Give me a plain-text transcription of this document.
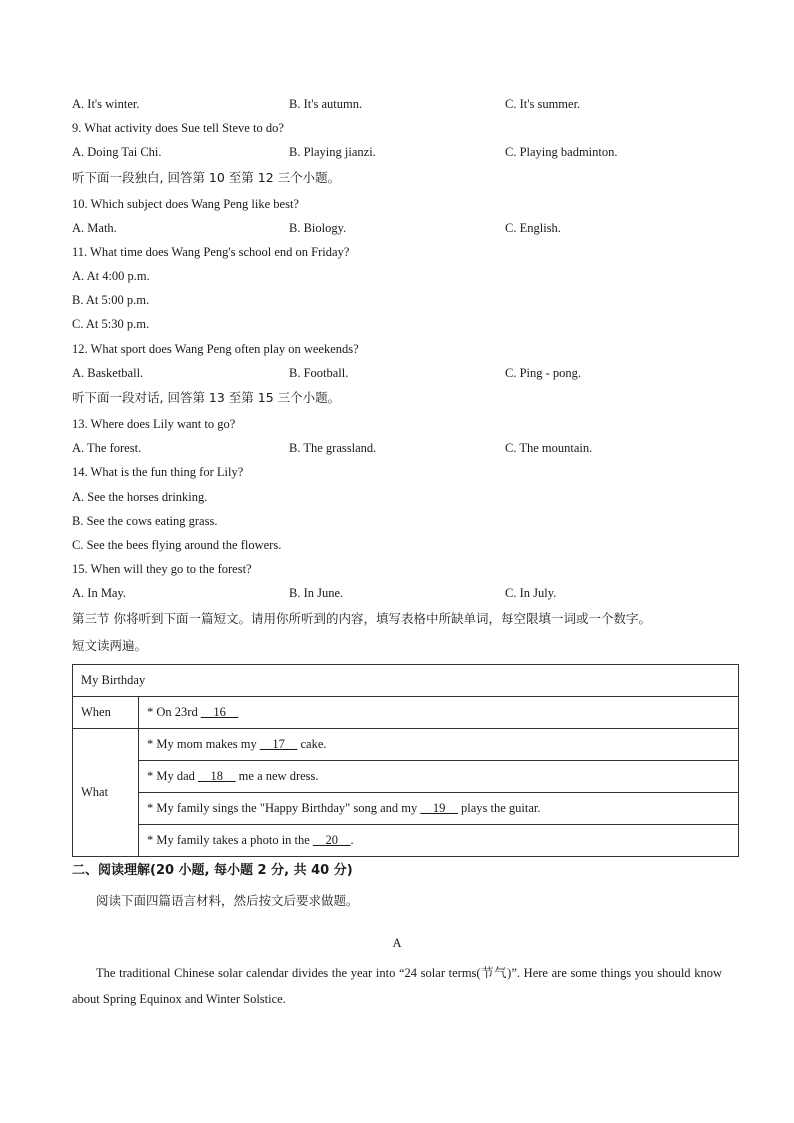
A. It's winter.	B. It's autumn.	C. It's summer.
9. What activity does Sue tell Steve to do?
A. Doing Tai Chi.	B. Playing jianzi.	C. Playing badminton.
听下面一段独白, 回答第 10 至第 12 三个小题。
10. Which subject does Wang Peng like best?
A. Math.	B. Biology.	C. English.
11. What time does Wang Peng's school end on Friday?
A. At 4:00 p.m.
B. At 5:00 p.m.
C. At 5:30 p.m.
12. What sport does Wang Peng often play on weekends?
A. Basketball.	B. Football.	C. Ping - pong.
听下面一段对话, 回答第 13 至第 15 三个小题。
13. Where does Lily want to go?
A. The forest.	B. The grassland.	C. The mountain.
14. What is the fun thing for Lily?
A. See the horses drinking.
B. See the cows eating grass.
C. See the bees flying around the flowers.
15. When will they go to the forest?
A. In May.	B. In June.	C. In July.
第三节 你将听到下面一篇短文。请用你所听到的内容，填写表格中所缺单词，每空限填一词或一个数字。
短文读两遍。
My Birthday	
When	* On 23rd __16__
What	* My mom makes my __17__ cake.
	* My dad __18__ me a new dress.
	* My family sings the "Happy Birthday" song and my __19__ plays the guitar.
	* My family takes a photo in the __20__.
二、阅读理解(20 小题, 每小题 2 分, 共 40 分)
阅读下面四篇语言材料，然后按文后要求做题。
A
The traditional Chinese solar calendar divides the year into “24 solar terms(节气)”. Here are some things you should know about Spring Equinox and Winter Solstice.
